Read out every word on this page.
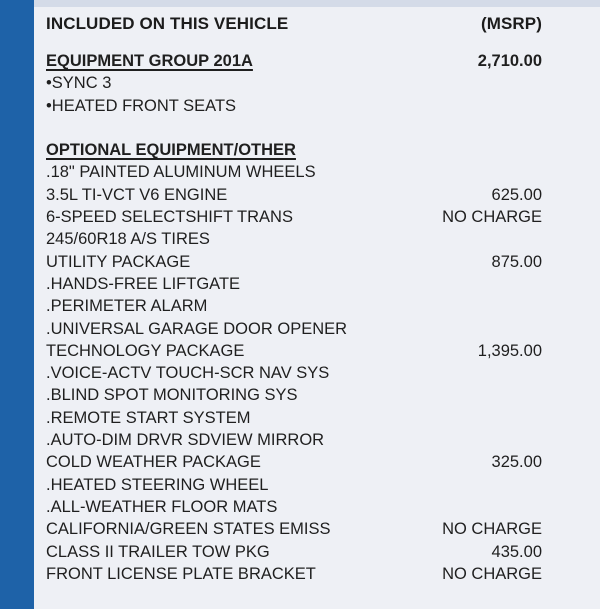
INCLUDED ON THIS VEHICLE	(MSRP)
EQUIPMENT GROUP 201A	2,710.00
•SYNC 3
•HEATED FRONT SEATS
OPTIONAL EQUIPMENT/OTHER
.18" PAINTED ALUMINUM WHEELS
3.5L TI-VCT V6 ENGINE	625.00
6-SPEED SELECTSHIFT TRANS	NO CHARGE
245/60R18 A/S TIRES
UTILITY PACKAGE	875.00
.HANDS-FREE LIFTGATE
.PERIMETER ALARM
.UNIVERSAL GARAGE DOOR OPENER
TECHNOLOGY PACKAGE	1,395.00
.VOICE-ACTV TOUCH-SCR NAV SYS
.BLIND SPOT MONITORING SYS
.REMOTE START SYSTEM
.AUTO-DIM DRVR SDVIEW MIRROR
COLD WEATHER PACKAGE	325.00
.HEATED STEERING WHEEL
.ALL-WEATHER FLOOR MATS
CALIFORNIA/GREEN STATES EMISS	NO CHARGE
CLASS II TRAILER TOW PKG	435.00
FRONT LICENSE PLATE BRACKET	NO CHARGE
